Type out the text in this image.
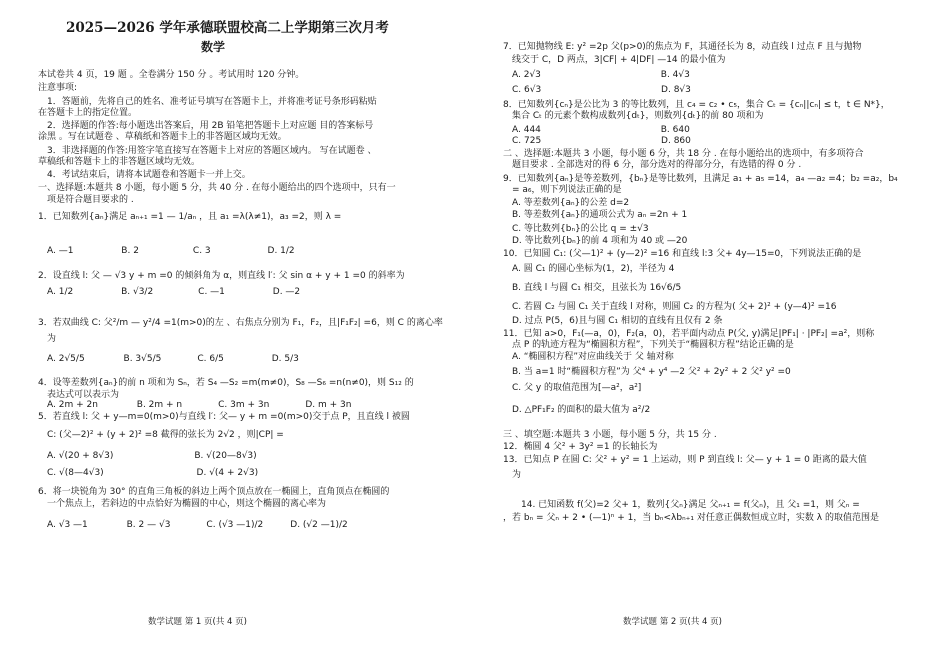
2025—2026 学年承德联盟校高二上学期第三次月考
数学
本试卷共 4 页，19 题 。全卷满分 150 分 。考试用时 120 分钟。
注意事项:
　1．答题前，先将自己的姓名、准考证号填写在答题卡上，并将准考证号条形码粘贴
在答题卡上的指定位置。
　2．选择题的作答:每小题选出答案后，用 2B 铅笔把答题卡上对应题 目的答案标号
涂黑 。写在试题卷 、草稿纸和答题卡上的非答题区域均无效。
　3．非选择题的作答:用签字笔直接写在答题卡上对应的答题区域内。 写在试题卷 、
草稿纸和答题卡上的非答题区域均无效。
　4．考试结束后，请将本试题卷和答题卡一并上交。
一、选择题:本题共 8 小题，每小题 5 分，共 40 分 . 在每小题给出的四个选项中，只有一
　项是符合题目要求的 .
1．已知数列{aₙ}满足 aₙ₊₁ =1 — 1/aₙ ，且 a₁ =λ(λ≠1)，a₃ =2，则 λ =
　A. —1　　　　　 B. 2　　　　　　C. 3　　　　　　 D. 1/2
2．设直线 l: 父 — √3 y + m =0 的倾斜角为 α，则直线 l′: 父 sin α + y + 1 =0 的斜率为
　A. 1/2　　　　　 B. √3/2　　　　　C. —1　　　　　 D. —2
3．若双曲线 C: 父²/m — y²/4 =1(m>0)的左 、右焦点分别为 F₁，F₂，且|F₁F₂| =6，则 C 的离心率
　为
　A. 2√5/5　　　　 B. 3√5/5　　　　C. 6/5　　　　　 D. 5/3
4．设等差数列{aₙ}的前 n 项和为 Sₙ，若 S₄ —S₂ =m(m≠0)，S₈ —S₆ =n(n≠0)，则 S₁₂ 的
　表达式可以表示为
　A. 2m + 2n　　　　 B. 2m + n　　　　C. 3m + 3n　　　　D. m + 3n
5．若直线 l: 父 + y—m=0(m>0)与直线 l′: 父— y + m =0(m>0)交于点 P，且直线 l 被圆
　C: (父—2)² + (y + 2)² =8 截得的弦长为 2√2 ，则|CP| =
　A. √(20 + 8√3)　　　　　　　　　B. √(20—8√3)
　C. √(8—4√3)　　　　　　　　　　 D. √(4 + 2√3)
6．将一块锐角为 30° 的直角三角板的斜边上两个顶点放在一椭圆上，直角顶点在椭圆的
　一个焦点上，若斜边的中点恰好为椭圆的中心，则这个椭圆的离心率为
　A. √3 —1　　　　 B. 2 — √3　　　　C. (√3 —1)/2　　　D. (√2 —1)/2
数学试题 第 1 页(共 4 页)
7．已知抛物线 E: y² =2p 父(p>0)的焦点为 F，其通径长为 8，动直线 l 过点 F 且与抛物
　线交于 C，D 两点，3|CF| + 4|DF| —14 的最小值为
　A. 2√3　　　　　　　　　　　　　 B. 4√3
　C. 6√3　　　　　　　　　　　　　 D. 8√3
8．已知数列{cₙ}是公比为 3 的等比数列，且 c₄ = c₂ • c₅，集合 Cₜ = {cₙ||cₙ| ≤ t，t ∈ N*}，
　集合 Cₜ 的元素个数构成数列{dₜ}，则数列{dₜ}的前 80 项和为
　A. 444　　　　　　　　　　　　　 B. 640
　C. 725　　　　　　　　　　　　　 D. 860
二 、选择题:本题共 3 小题，每小题 6 分，共 18 分 . 在每小题给出的选项中，有多项符合
　题目要求 . 全部选对的得 6 分，部分选对的得部分分，有选错的得 0 分 .
9．已知数列{aₙ}是等差数列，{bₙ}是等比数列，且满足 a₁ + a₅ =14，a₄ —a₂ =4；b₂ =a₂，b₄
　= a₆，则下列说法正确的是
　A. 等差数列{aₙ}的公差 d=2
　B. 等差数列{aₙ}的通项公式为 aₙ =2n + 1
　C. 等比数列{bₙ}的公比 q = ±√3
　D. 等比数列{bₙ}的前 4 项和为 40 或 —20
10．已知圆 C₁: (父—1)² + (y—2)² =16 和直线 l:3 父+ 4y—15=0，下列说法正确的是
　A. 圆 C₁ 的圆心坐标为(1，2)，半径为 4
　B. 直线 l 与圆 C₁ 相交，且弦长为 16√6/5
　C. 若圆 C₂ 与圆 C₁ 关于直线 l 对称，则圆 C₂ 的方程为( 父+ 2)² + (y—4)² =16
　D. 过点 P(5，6)且与圆 C₁ 相切的直线有且仅有 2 条
11．已知 a>0，F₁(—a，0)，F₂(a，0)，若平面内动点 P(父, y)满足|PF₁| · |PF₂| =a²，则称
　点 P 的轨迹方程为“椭圆积方程”，下列关于“椭圆积方程”结论正确的是
　A. “椭圆积方程”对应曲线关于 父 轴对称
　B. 当 a=1 时“椭圆积方程”为 父⁴ + y⁴ —2 父² + 2y² + 2 父² y² =0
　C. 父 y 的取值范围为[—a²，a²]
　D. △PF₁F₂ 的面积的最大值为 a²/2
三 、填空题:本题共 3 小题，每小题 5 分，共 15 分 .
12．椭圆 4 父² + 3y² =1 的长轴长为
13．已知点 P 在圆 C: 父² + y² = 1 上运动，则 P 到直线 l: 父— y + 1 = 0 距离的最大值
　为
　　14. 已知函数 f(父)=2 父+ 1，数列{父ₙ}满足 父ₙ₊₁ = f(父ₙ)，且 父₁ =1，则 父ₙ =
，若 bₙ = 父ₙ + 2 • (—1)ⁿ + 1，当 bₙ<λbₙ₊₁ 对任意正偶数恒成立时，实数 λ 的取值范围是
数学试题 第 2 页(共 4 页)
